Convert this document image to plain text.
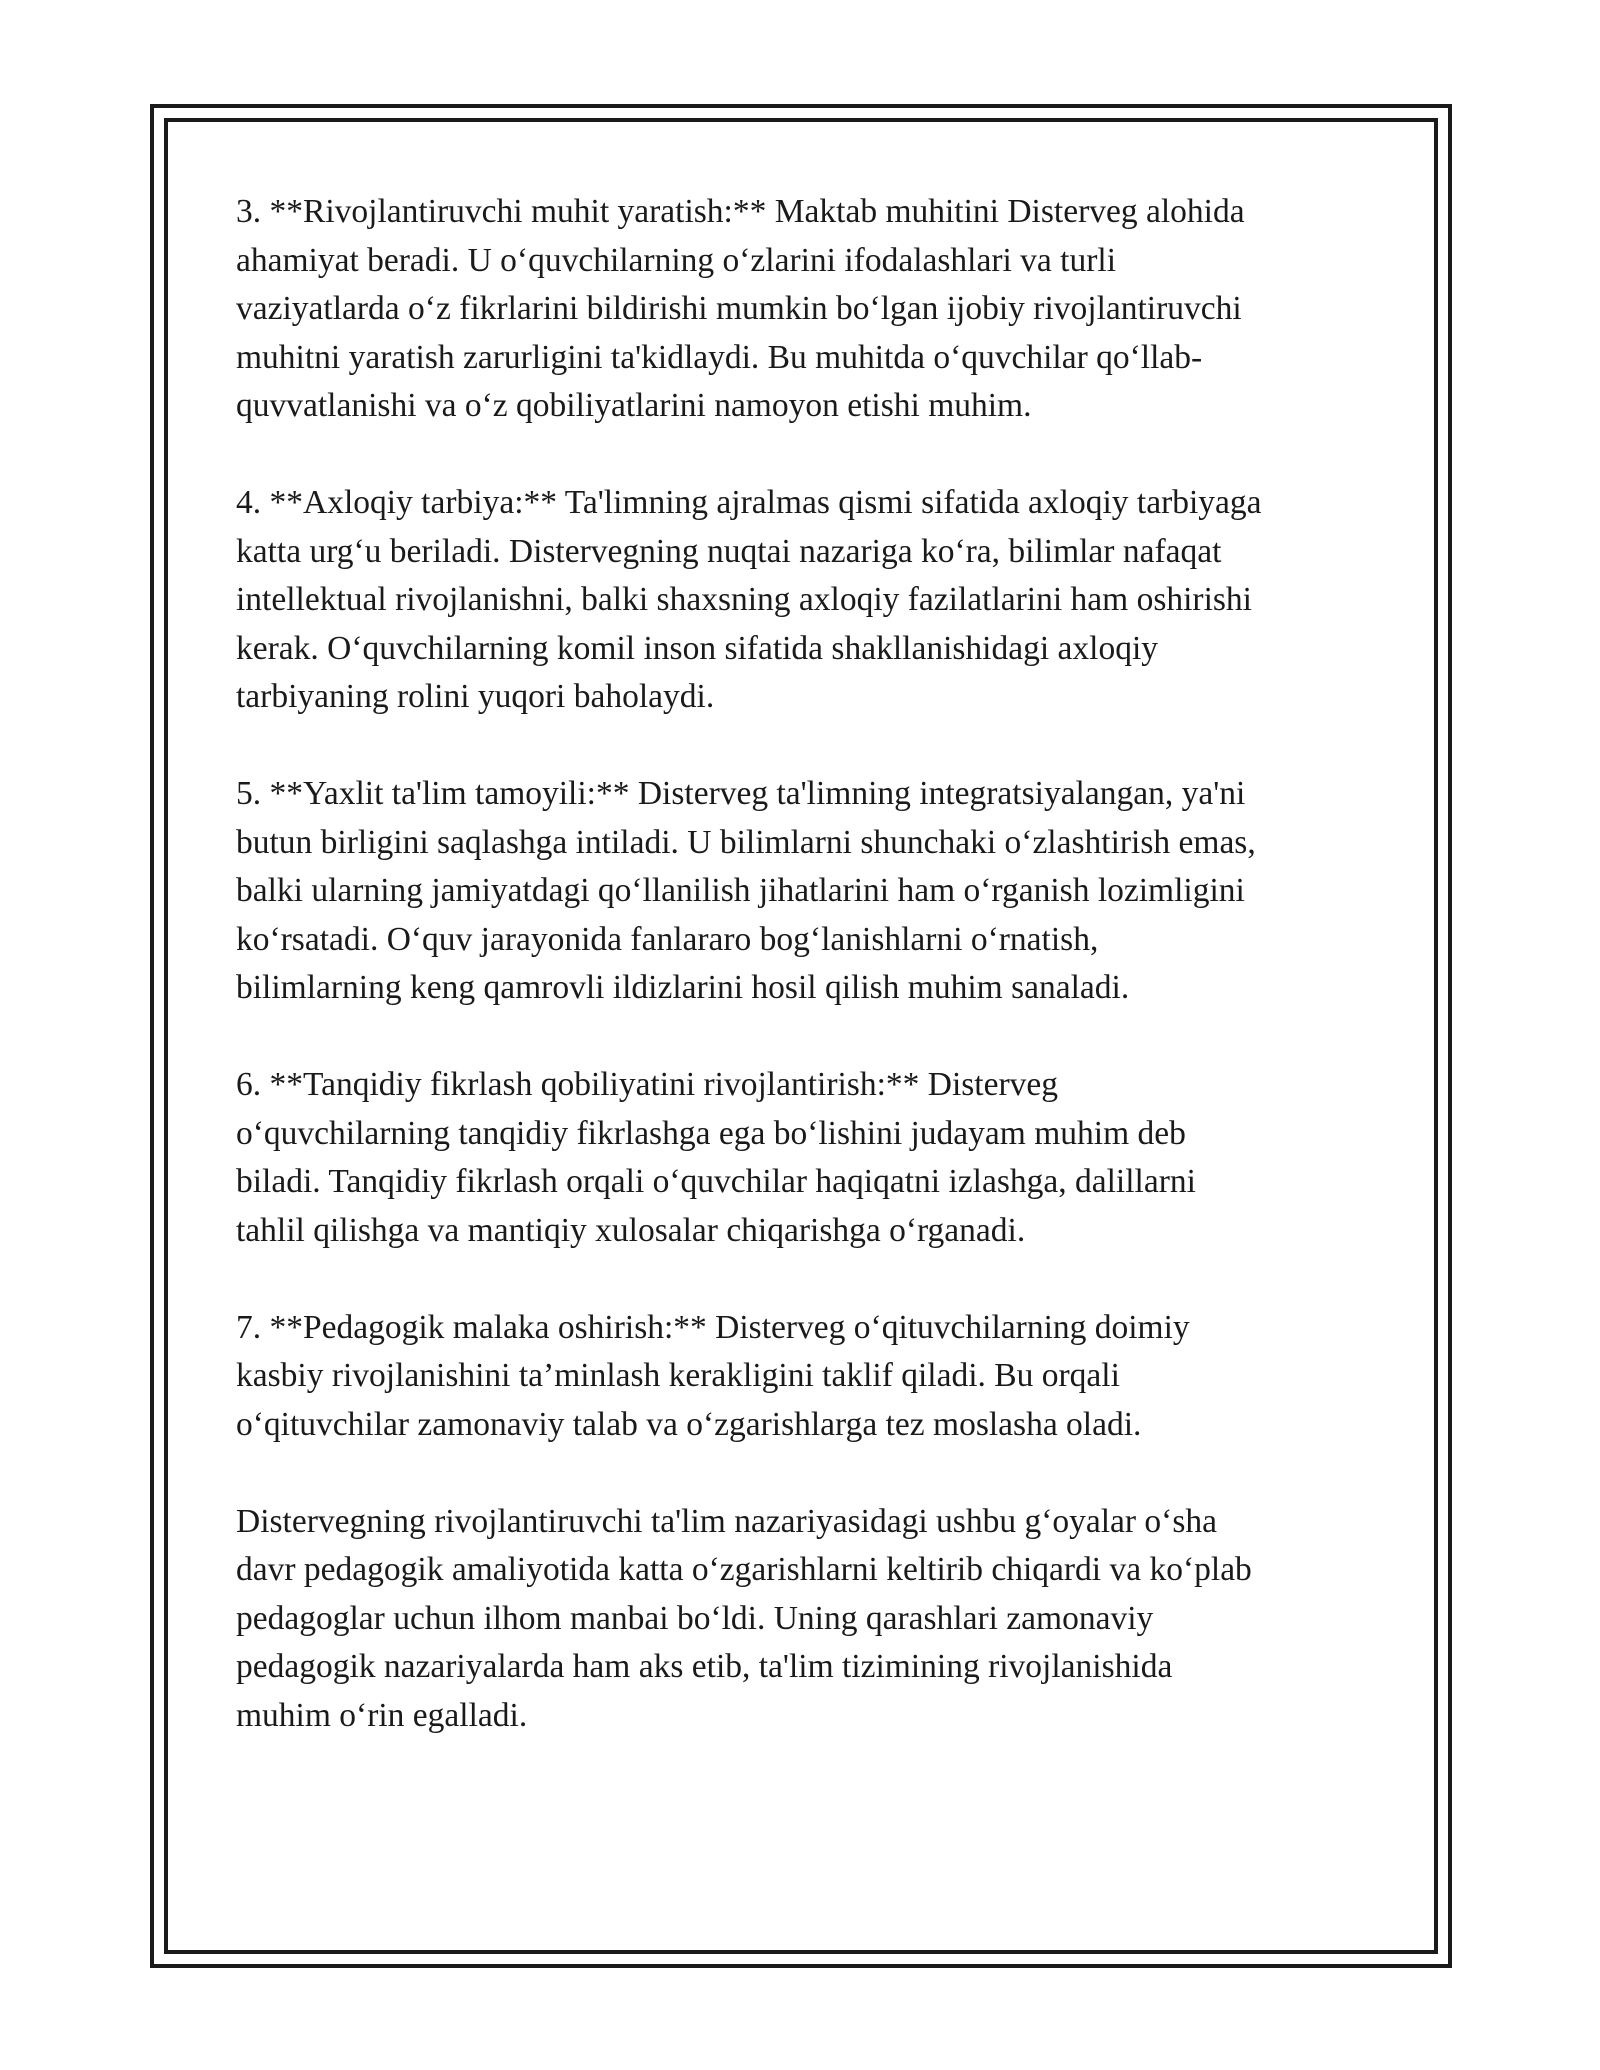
3. **Rivojlantiruvchi muhit yaratish:** Maktab muhitini Disterveg alohida
ahamiyat beradi. U o‘quvchilarning o‘zlarini ifodalashlari va turli
vaziyatlarda o‘z fikrlarini bildirishi mumkin bo‘lgan ijobiy rivojlantiruvchi
muhitni yaratish zarurligini ta'kidlaydi. Bu muhitda o‘quvchilar qo‘llab-
quvvatlanishi va o‘z qobiliyatlarini namoyon etishi muhim.

4. **Axloqiy tarbiya:** Ta'limning ajralmas qismi sifatida axloqiy tarbiyaga
katta urg‘u beriladi. Distervegning nuqtai nazariga ko‘ra, bilimlar nafaqat
intellektual rivojlanishni, balki shaxsning axloqiy fazilatlarini ham oshirishi
kerak. O‘quvchilarning komil inson sifatida shakllanishidagi axloqiy
tarbiyaning rolini yuqori baholaydi.

5. **Yaxlit ta'lim tamoyili:** Disterveg ta'limning integratsiyalangan, ya'ni
butun birligini saqlashga intiladi. U bilimlarni shunchaki o‘zlashtirish emas,
balki ularning jamiyatdagi qo‘llanilish jihatlarini ham o‘rganish lozimligini
ko‘rsatadi. O‘quv jarayonida fanlararo bog‘lanishlarni o‘rnatish,
bilimlarning keng qamrovli ildizlarini hosil qilish muhim sanaladi.

6. **Tanqidiy fikrlash qobiliyatini rivojlantirish:** Disterveg
o‘quvchilarning tanqidiy fikrlashga ega bo‘lishini judayam muhim deb
biladi. Tanqidiy fikrlash orqali o‘quvchilar haqiqatni izlashga, dalillarni
tahlil qilishga va mantiqiy xulosalar chiqarishga o‘rganadi.

7. **Pedagogik malaka oshirish:** Disterveg o‘qituvchilarning doimiy
kasbiy rivojlanishini ta’minlash kerakligini taklif qiladi. Bu orqali
o‘qituvchilar zamonaviy talab va o‘zgarishlarga tez moslasha oladi.

Distervegning rivojlantiruvchi ta'lim nazariyasidagi ushbu g‘oyalar o‘sha
davr pedagogik amaliyotida katta o‘zgarishlarni keltirib chiqardi va ko‘plab
pedagoglar uchun ilhom manbai bo‘ldi. Uning qarashlari zamonaviy
pedagogik nazariyalarda ham aks etib, ta'lim tizimining rivojlanishida
muhim o‘rin egalladi.
